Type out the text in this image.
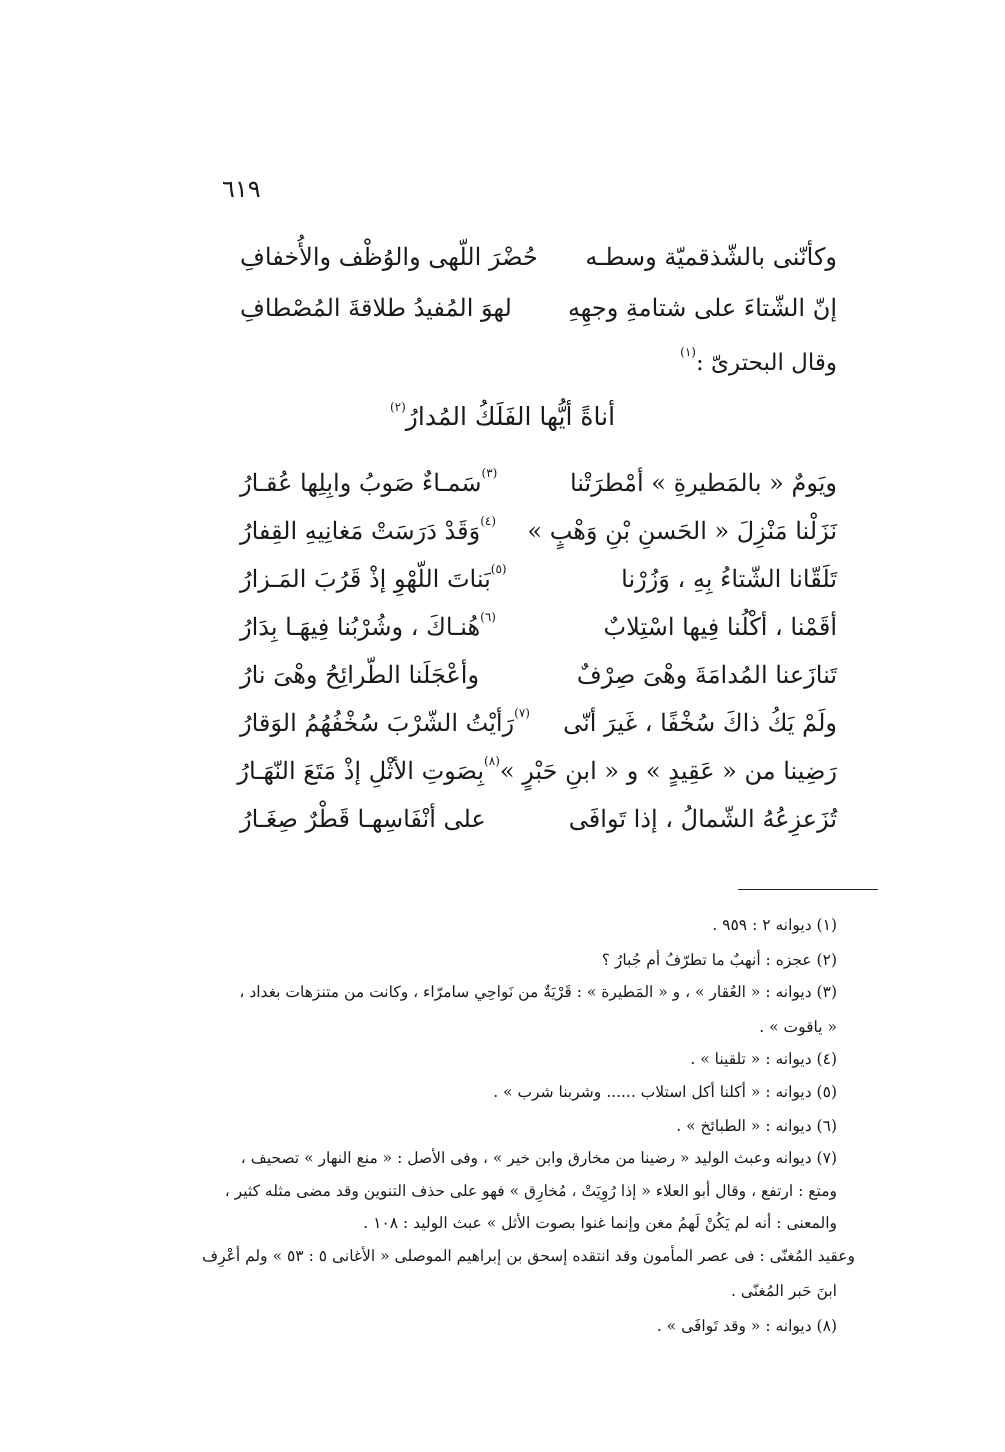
٦١٩
وكأنّنى بالشّذقميّة وسطـه
حُضْرَ اللّهى والوُظْف والأُخفافِ
إنّ الشّتاءَ على شتامةِ وجهِهِ
لهوَ المُفيدُ طلاقةَ المُصْطافِ
وقال البحترىّ :$^{(١)}$
أناةً أيُّها الفَلَكُ المُدارُ$^{(٢)}$
ويَومٌ « بالمَطيرةِ » أمْطرَتْنا
$^{(٣)}$سَمـاءٌ صَوبُ وابِلِها عُقـارُ
نَزَلْنا مَنْزِلَ « الحَسنِ بْنِ وَهْبٍ »
$^{(٤)}$وَقَدْ دَرَسَتْ مَغانِيهِ القِفارُ
تَلَقّانا الشّتاءُ بِهِ ، وَزُرْنا
$^{(٥)}$بَناتَ اللّهْوِ إذْ قَرُبَ المَـزارُ
أقَمْنا ، أكْلُنا فِيها اسْتِلابٌ
$^{(٦)}$هُنـاكَ ، وشُرْبُنا فِيهَـا بِدَارُ
تَنازَعنا المُدامَةَ وهْىَ صِرْفٌ
وأعْجَلَنا الطّرائِحُ وهْىَ نارُ
ولَمْ يَكُ ذاكَ سُخْفًا ، غَيرَ أنّى
$^{(٧)}$رَأيْتُ الشّرْبَ سُخْفُهُمُ الوَقارُ
رَضِينا من « عَقِيدٍ » و « ابنِ حَبْرٍ »
$^{(٨)}$بِصَوتِ الأثْلِ إذْ مَتَعَ النّهَـارُ
تُزَعزِعُهُ الشّمالُ ، إذا تَوافَى
على أنْفَاسِهـا قَطْرٌ صِغَـارُ
(١) ديوانه ٢ : ٩٥٩ .
(٢) عجزه : أنهبٌ ما تطرّفُ أم جُبارُ ؟
(٣) ديوانه : « العُقار » ، و « المَطيرة » : قَرْيَةٌ من نَواحِي سامرّاء ، وكانت من متنزهات بغداد ،
« ياقوت » .
(٤) ديوانه : « تلقينا » .
(٥) ديوانه : « أكلنا أكل استلاب ...... وشربنا شرب » .
(٦) ديوانه : « الطبائخ » .
(٧) ديوانه وعبث الوليد « رضينا من مخارق وابن خير » ، وفى الأصل : « منع النهار » تصحيف ،
ومتع : ارتفع ، وقال أبو العلاء « إذا رُوِيَتْ ، مُخارِق » فهو على حذف التنوين وقد مضى مثله كثير ،
والمعنى : أنه لم يَكُنْ لَهمُ مغن وإنما غنوا بصوت الأثل » عبث الوليد : ١٠٨ .
وعقيد المُغنّى : فى عصر المأمون وقد انتقده إسحق بن إبراهيم الموصلى « الأغانى ٥ : ٥٣ » ولم أعْرِف
ابنَ حَبر المُغنّى .
(٨) ديوانه : « وقد تَوافَى » .
